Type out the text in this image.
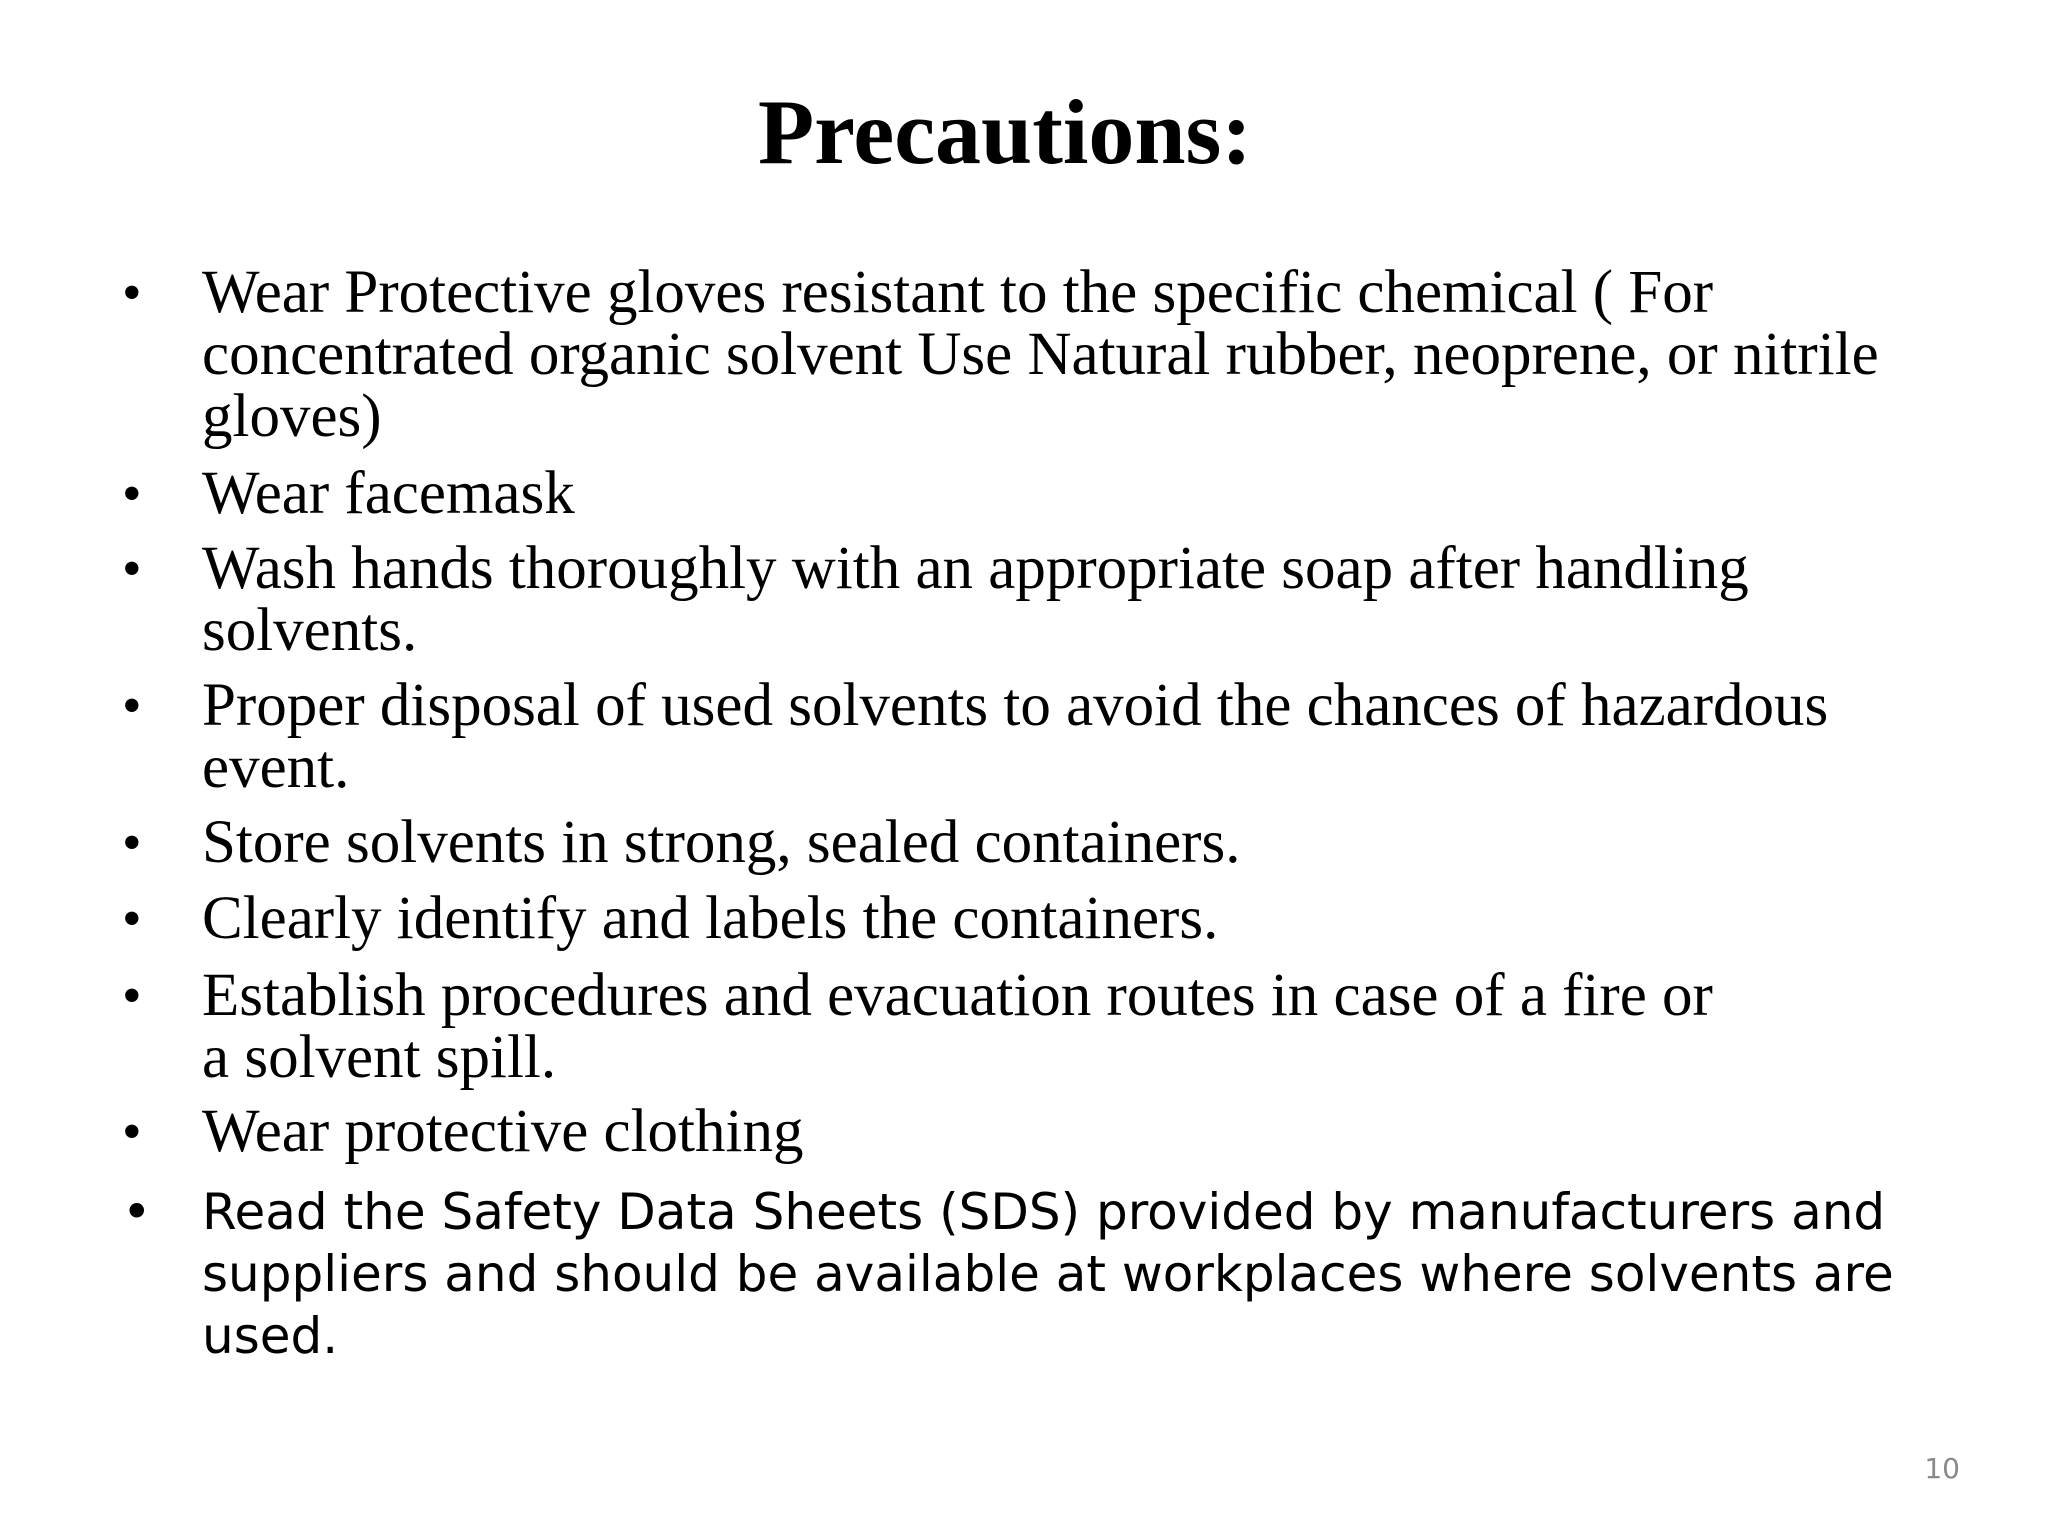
Precautions:
• Wear Protective gloves resistant to the specific chemical ( For
concentrated organic solvent Use Natural rubber, neoprene, or nitrile
gloves)
• Wear facemask
• Wash hands thoroughly with an appropriate soap after handling
solvents.
• Proper disposal of used solvents to avoid the chances of hazardous
event.
• Store solvents in strong, sealed containers.
• Clearly identify and labels the containers.
• Establish procedures and evacuation routes in case of a fire or
a solvent spill.
• Wear protective clothing
• Read the Safety Data Sheets (SDS) provided by manufacturers and
suppliers and should be available at workplaces where solvents are
used.
10
